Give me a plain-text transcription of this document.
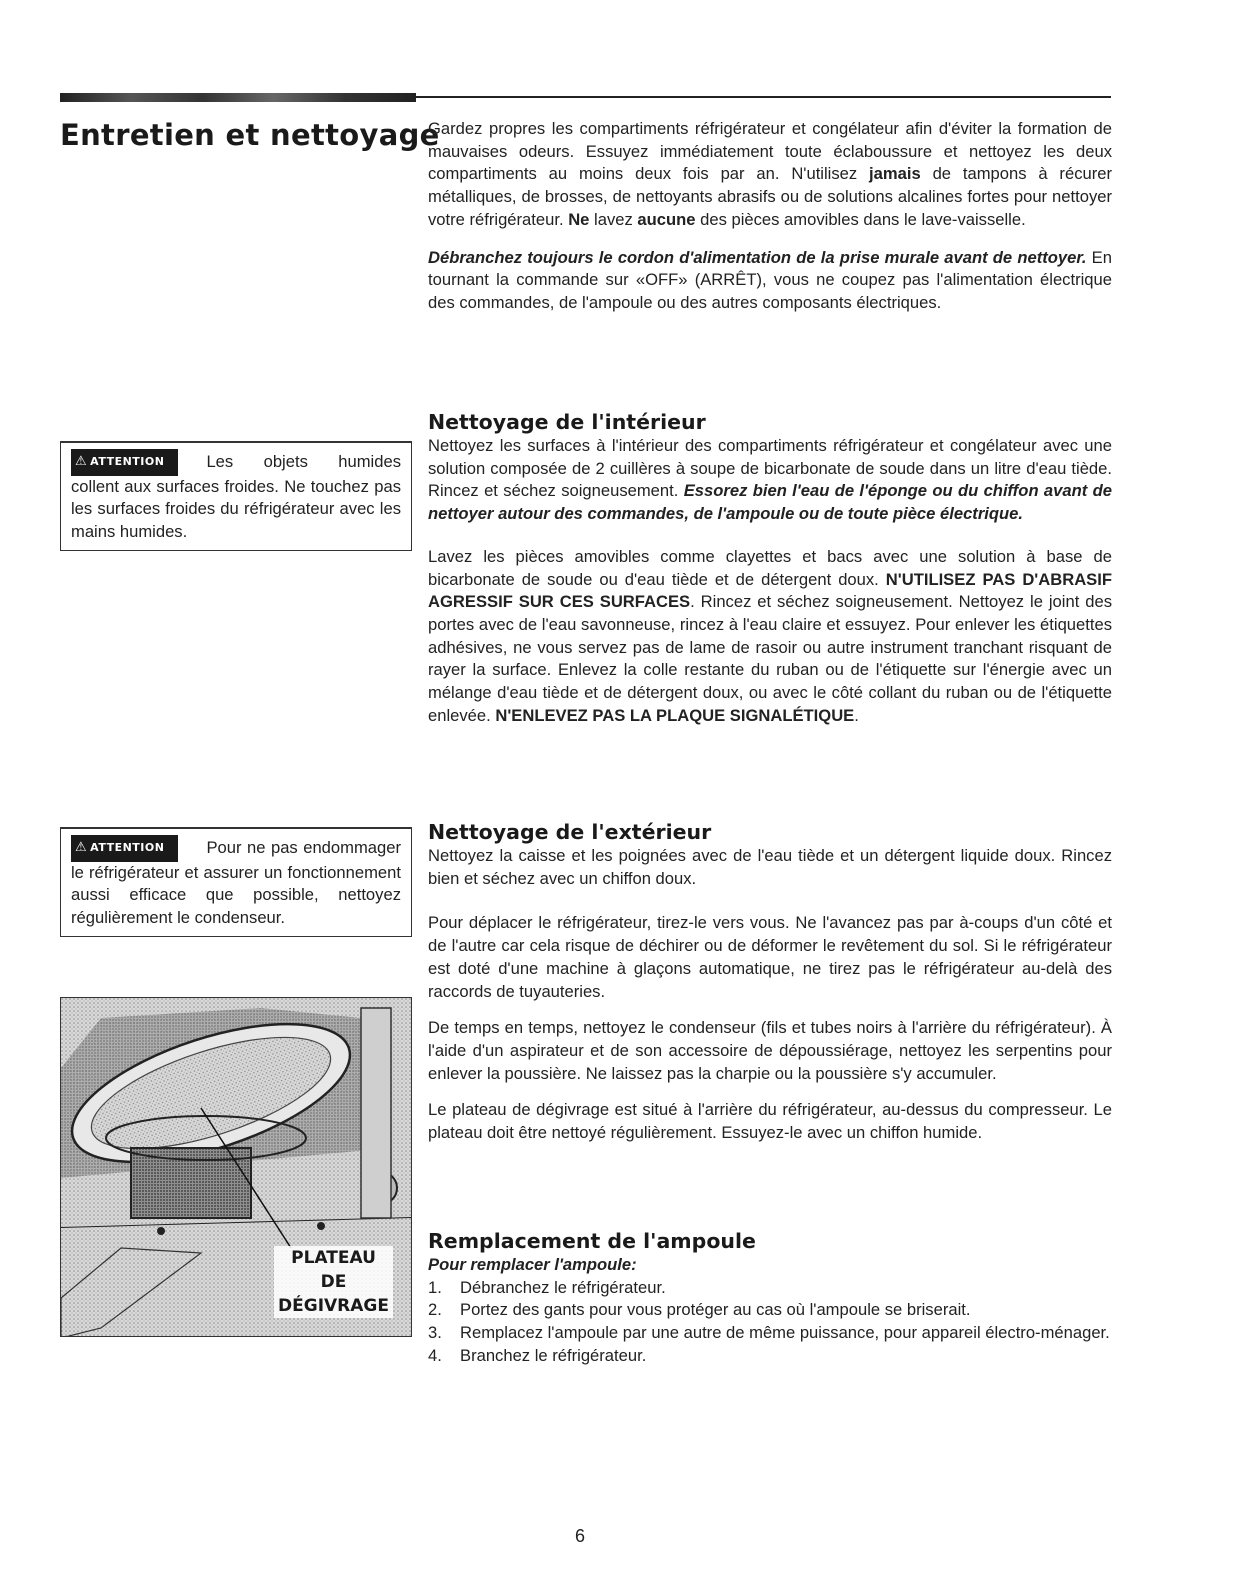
Entretien et nettoyage
⚠ ATTENTION	Les objets humides collent aux surfaces froides. Ne touchez pas les surfaces froides du réfrigérateur avec les mains humides.
⚠ ATTENTION	Pour ne pas endommager le réfrigérateur et assurer un fonctionnement aussi efficace que possible, nettoyez régulièrement le condenseur.
PLATEAU
DE
DÉGIVRAGE

Gardez propres les compartiments réfrigérateur et congélateur afin d'éviter la formation de mauvaises odeurs. Essuyez immédiatement toute éclaboussure et nettoyez les deux compartiments au moins deux fois par an. N'utilisez jamais de tampons à récurer métalliques, de brosses, de nettoyants abrasifs ou de solutions alcalines fortes pour nettoyer votre réfrigérateur. Ne lavez aucune des pièces amovibles dans le lave-vaisselle.

Débranchez toujours le cordon d'alimentation de la prise murale avant de nettoyer. En tournant la commande sur «OFF» (ARRÊT), vous ne coupez pas l'alimentation électrique des commandes, de l'ampoule ou des autres composants électriques.

Nettoyage de l'intérieur

Nettoyez les surfaces à l'intérieur des compartiments réfrigérateur et congélateur avec une solution composée de 2 cuillères à soupe de bicarbonate de soude dans un litre d'eau tiède. Rincez et séchez soigneusement. Essorez bien l'eau de l'éponge ou du chiffon avant de nettoyer autour des commandes, de l'ampoule ou de toute pièce électrique.

Lavez les pièces amovibles comme clayettes et bacs avec une solution à base de bicarbonate de soude ou d'eau tiède et de détergent doux. N'UTILISEZ PAS D'ABRASIF AGRESSIF SUR CES SURFACES. Rincez et séchez soigneusement. Nettoyez le joint des portes avec de l'eau savonneuse, rincez à l'eau claire et essuyez. Pour enlever les étiquettes adhésives, ne vous servez pas de lame de rasoir ou autre instrument tranchant risquant de rayer la surface. Enlevez la colle restante du ruban ou de l'étiquette sur l'énergie avec un mélange d'eau tiède et de détergent doux, ou avec le côté collant du ruban ou de l'étiquette enlevée. N'ENLEVEZ PAS LA PLAQUE SIGNALÉTIQUE.

Nettoyage de l'extérieur

Nettoyez la caisse et les poignées avec de l'eau tiède et un détergent liquide doux. Rincez bien et séchez avec un chiffon doux.

Pour déplacer le réfrigérateur, tirez-le vers vous. Ne l'avancez pas par à-coups d'un côté et de l'autre car cela risque de déchirer ou de déformer le revêtement du sol. Si le réfrigérateur est doté d'une machine à glaçons automatique, ne tirez pas le réfrigérateur au-delà des raccords de tuyauteries.

De temps en temps, nettoyez le condenseur (fils et tubes noirs à l'arrière du réfrigérateur). À l'aide d'un aspirateur et de son accessoire de dépoussiérage, nettoyez les serpentins pour enlever la poussière. Ne laissez pas la charpie ou la poussière s'y accumuler.

Le plateau de dégivrage est situé à l'arrière du réfrigérateur, au-dessus du compresseur. Le plateau doit être nettoyé régulièrement. Essuyez-le avec un chiffon humide.

Remplacement de l'ampoule

Pour remplacer l'ampoule:

1. Débranchez le réfrigérateur.
2. Portez des gants pour vous protéger au cas où l'ampoule se briserait.
3. Remplacez l'ampoule par une autre de même puissance, pour appareil électro-ménager.
4. Branchez le réfrigérateur.
6
